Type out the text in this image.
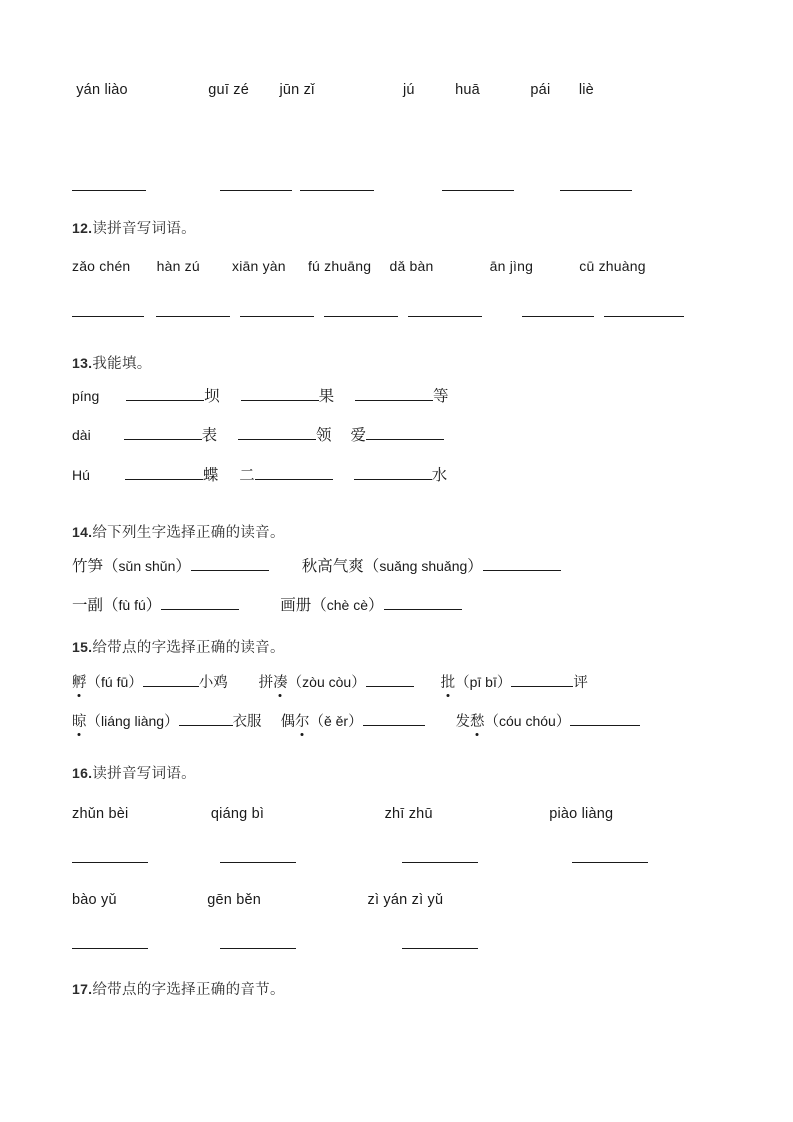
yán liào	guī zé jūn zǐ	jú	huā	pái liè
12.读拼音写词语。
zǎo chén hàn zú xiān yàn fú zhuāng dǎ bàn	ān jìng	cū zhuàng
13.我能填。
píng	坝	果	等
dài	表	领 爱
Hú	蝶 二	水
14.给下列生字选择正确的读音。
竹笋（sǔn shǔn）	秋高气爽（suǎng shuǎng）
一副（fù fú）	画册（chè cè）
15.给带点的字选择正确的读音。
孵（fú fū）	小鸡 拼凑（zòu còu）	批（pī bī）	评
晾（liáng liàng）	衣服 偶尔（ě ěr）	发愁（cóu chóu）
16.读拼音写词语。
zhǔn bèi	qiáng bì	zhī zhū	piào liàng
bào yǔ	gēn běn	zì yán zì yǔ
17.给带点的字选择正确的音节。
